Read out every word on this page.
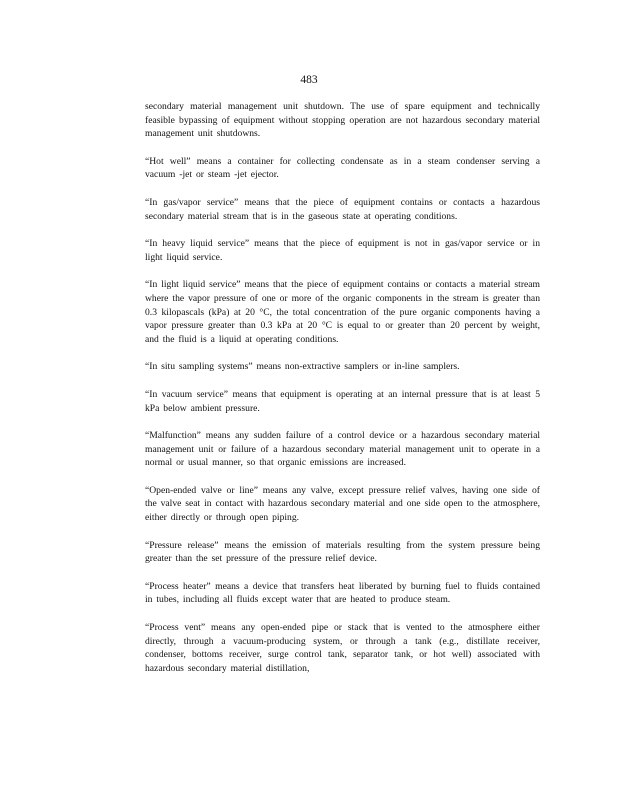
483

secondary material management unit shutdown. The use of spare equipment and technically feasible bypassing of equipment without stopping operation are not hazardous secondary material management unit shutdowns.

“Hot well” means a container for collecting condensate as in a steam condenser serving a vacuum -jet or steam -jet ejector.

“In gas/vapor service” means that the piece of equipment contains or contacts a hazardous secondary material stream that is in the gaseous state at operating conditions.

“In heavy liquid service” means that the piece of equipment is not in gas/vapor service or in light liquid service.

“In light liquid service” means that the piece of equipment contains or contacts a material stream where the vapor pressure of one or more of the organic components in the stream is greater than 0.3 kilopascals (kPa) at 20 °C, the total concentration of the pure organic components having a vapor pressure greater than 0.3 kPa at 20 °C is equal to or greater than 20 percent by weight, and the fluid is a liquid at operating conditions.

“In situ sampling systems” means non-extractive samplers or in-line samplers.

“In vacuum service” means that equipment is operating at an internal pressure that is at least 5 kPa below ambient pressure.

“Malfunction” means any sudden failure of a control device or a hazardous secondary material management unit or failure of a hazardous secondary material management unit to operate in a normal or usual manner, so that organic emissions are increased.

“Open-ended valve or line” means any valve, except pressure relief valves, having one side of the valve seat in contact with hazardous secondary material and one side open to the atmosphere, either directly or through open piping.

“Pressure release” means the emission of materials resulting from the system pressure being greater than the set pressure of the pressure relief device.

“Process heater” means a device that transfers heat liberated by burning fuel to fluids contained in tubes, including all fluids except water that are heated to produce steam.

“Process vent” means any open-ended pipe or stack that is vented to the atmosphere either directly, through a vacuum-producing system, or through a tank (e.g., distillate receiver, condenser, bottoms receiver, surge control tank, separator tank, or hot well) associated with hazardous secondary material distillation,
